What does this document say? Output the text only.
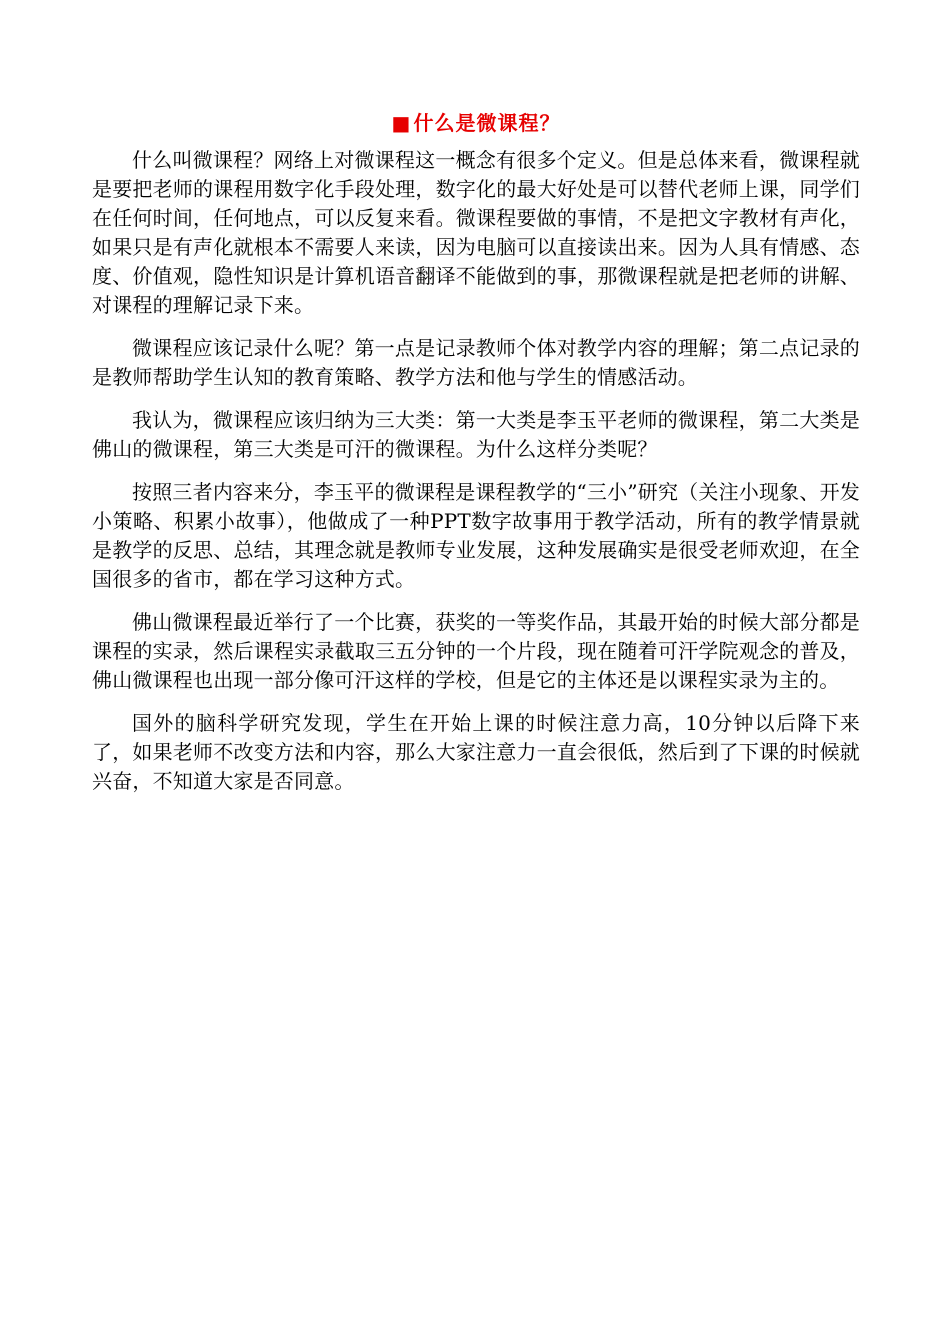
■ 什么是微课程？

什么叫微课程？网络上对微课程这一概念有很多个定义。但是总体来看，微课程就是要把老师的课程用数字化手段处理，数字化的最大好处是可以替代老师上课，同学们在任何时间，任何地点，可以反复来看。微课程要做的事情，不是把文字教材有声化，如果只是有声化就根本不需要人来读，因为电脑可以直接读出来。因为人具有情感、态度、价值观，隐性知识是计算机语音翻译不能做到的事，那微课程就是把老师的讲解、对课程的理解记录下来。

微课程应该记录什么呢？第一点是记录教师个体对教学内容的理解；第二点记录的是教师帮助学生认知的教育策略、教学方法和他与学生的情感活动。

我认为，微课程应该归纳为三大类：第一大类是李玉平老师的微课程，第二大类是佛山的微课程，第三大类是可汗的微课程。为什么这样分类呢？

按照三者内容来分，李玉平的微课程是课程教学的“三小”研究（关注小现象、开发小策略、积累小故事），他做成了一种PPT数字故事用于教学活动，所有的教学情景就是教学的反思、总结，其理念就是教师专业发展，这种发展确实是很受老师欢迎，在全国很多的省市，都在学习这种方式。

佛山微课程最近举行了一个比赛，获奖的一等奖作品，其最开始的时候大部分都是课程的实录，然后课程实录截取三五分钟的一个片段，现在随着可汗学院观念的普及，佛山微课程也出现一部分像可汗这样的学校，但是它的主体还是以课程实录为主的。

国外的脑科学研究发现，学生在开始上课的时候注意力高，10分钟以后降下来了，如果老师不改变方法和内容，那么大家注意力一直会很低，然后到了下课的时候就兴奋，不知道大家是否同意。
